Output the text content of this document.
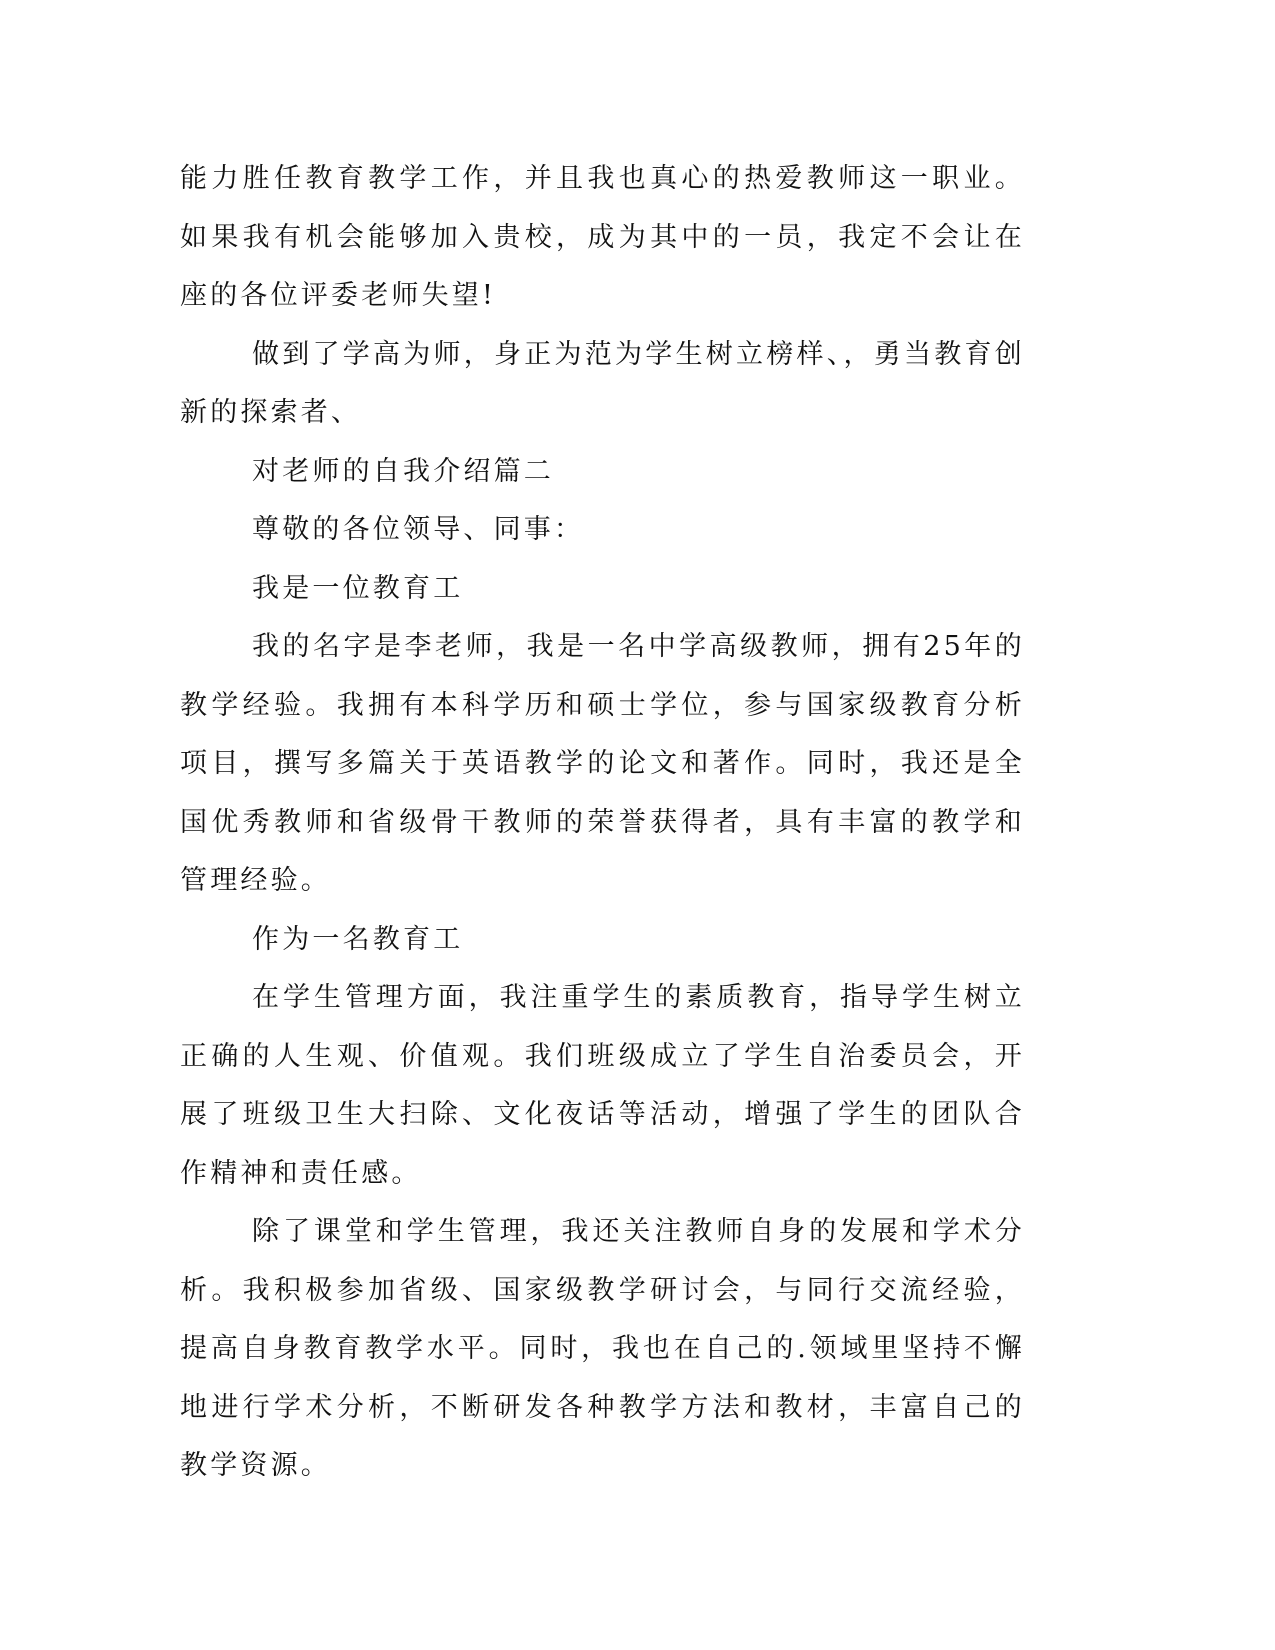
能力胜任教育教学工作，并且我也真心的热爱教师这一职业。如果我有机会能够加入贵校，成为其中的一员，我定不会让在座的各位评委老师失望!

做到了学高为师，身正为范为学生树立榜样、，勇当教育创新的探索者、

对老师的自我介绍篇二

尊敬的各位领导、同事：

我是一位教育工

我的名字是李老师，我是一名中学高级教师，拥有25年的教学经验。我拥有本科学历和硕士学位，参与国家级教育分析项目，撰写多篇关于英语教学的论文和著作。同时，我还是全国优秀教师和省级骨干教师的荣誉获得者，具有丰富的教学和管理经验。

作为一名教育工

在学生管理方面，我注重学生的素质教育，指导学生树立正确的人生观、价值观。我们班级成立了学生自治委员会，开展了班级卫生大扫除、文化夜话等活动，增强了学生的团队合作精神和责任感。

除了课堂和学生管理，我还关注教师自身的发展和学术分析。我积极参加省级、国家级教学研讨会，与同行交流经验，提高自身教育教学水平。同时，我也在自己的.领域里坚持不懈地进行学术分析，不断研发各种教学方法和教材，丰富自己的教学资源。
